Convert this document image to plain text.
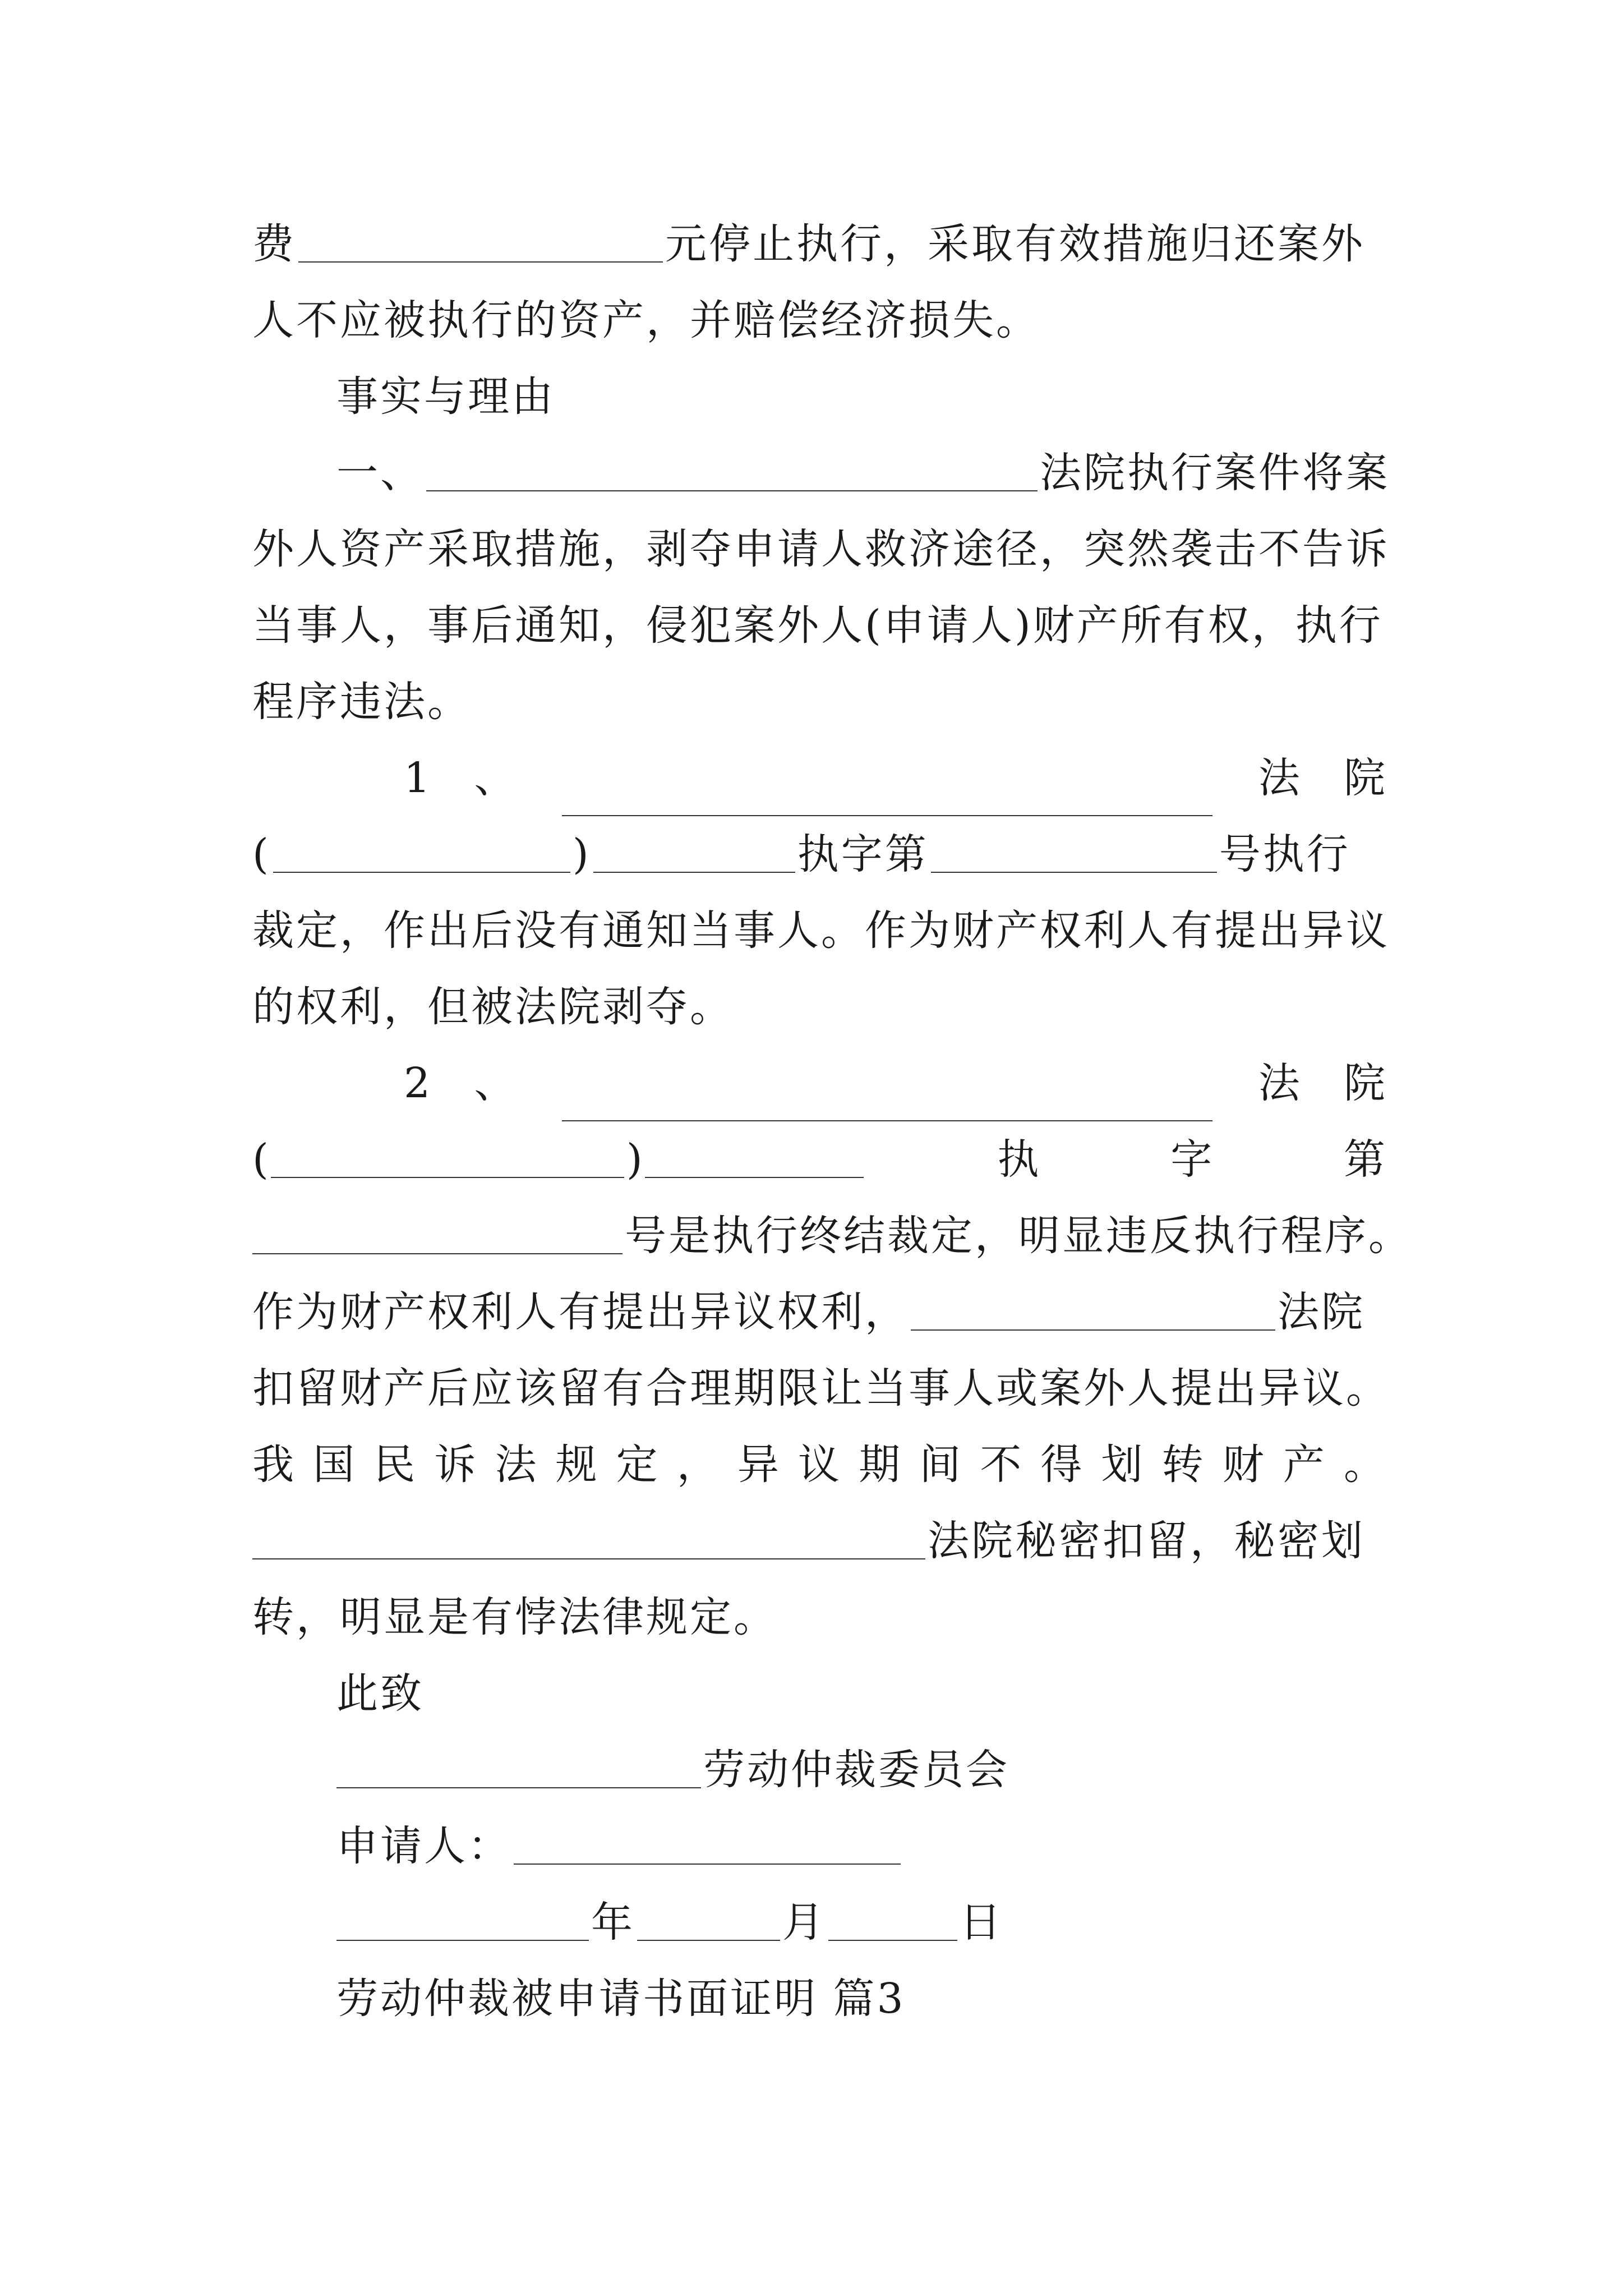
费	元停止执行，采取有效措施归还案外
人不应被执行的资产，并赔偿经济损失。
事实与理由
一、	法院执行案件将案
外人资产采取措施，剥夺申请人救济途径，突然袭击不告诉
当事人，事后通知，侵犯案外人(申请人)财产所有权，执行
程序违法。
1 、	法 院
(	)	执字第	号执行
裁定，作出后没有通知当事人。作为财产权利人有提出异议
的权利，但被法院剥夺。
2 、	法 院
(	)	执	字	第
号是执行终结裁定，明显违反执行程序。
作为财产权利人有提出异议权利，	法院
扣留财产后应该留有合理期限让当事人或案外人提出异议。
我 国 民 诉 法 规 定 ， 异 议 期 间 不 得 划 转 财 产 。
法院秘密扣留，秘密划
转，明显是有悖法律规定。
此致
劳动仲裁委员会
申请人：
年	月	日
劳动仲裁被申请书面证明 篇3
